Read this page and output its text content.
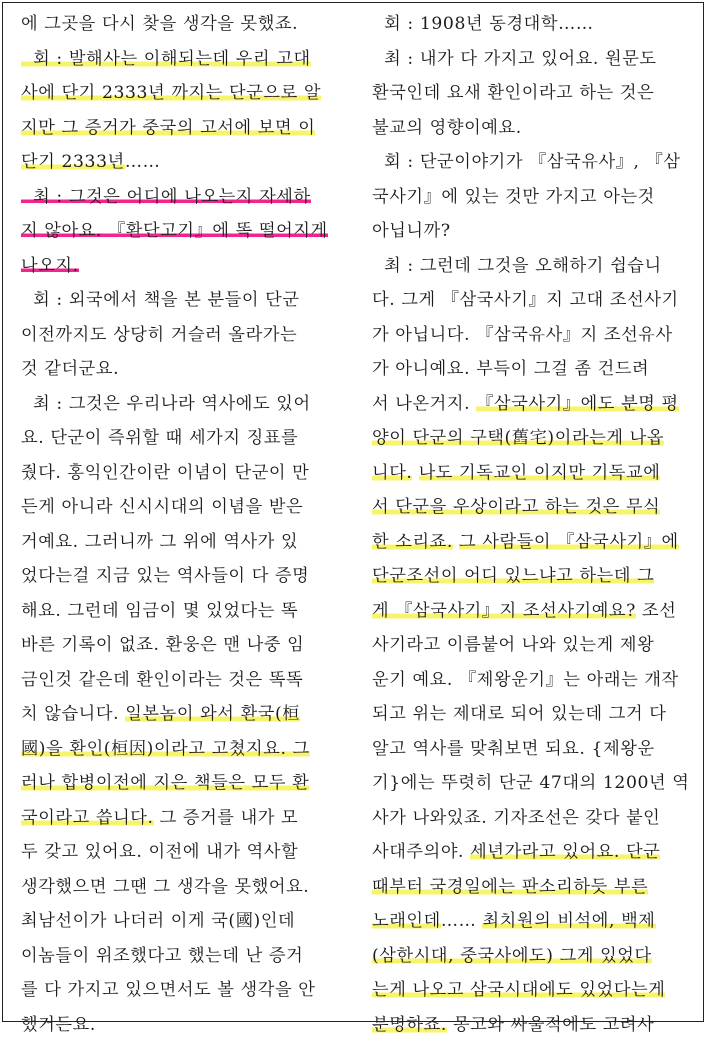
에 그곳을 다시 찾을 생각을 못했죠.
회 : 발해사는 이해되는데 우리 고대
사에 단기 2333년 까지는 단군으로 알
지만 그 증거가 중국의 고서에 보면 이
단기 2333년……
최 : 그것은 어디에 나오는지 자세하
지 않아요. 『환단고기』에 똑 떨어지게
나오지.
회 : 외국에서 책을 본 분들이 단군
이전까지도 상당히 거슬러 올라가는
것 같더군요.
최 : 그것은 우리나라 역사에도 있어
요. 단군이 즉위할 때 세가지 징표를
줬다. 홍익인간이란 이념이 단군이 만
든게 아니라 신시시대의 이념을 받은
거예요. 그러니까 그 위에 역사가 있
었다는걸 지금 있는 역사들이 다 증명
해요. 그런데 임금이 몇 있었다는 똑
바른 기록이 없죠. 환웅은 맨 나중 임
금인것 같은데 환인이라는 것은 똑똑
치 않습니다. 일본놈이 와서 환국(桓
國)을 환인(桓因)이라고 고쳤지요. 그
러나 합병이전에 지은 책들은 모두 환
국이라고 씁니다. 그 증거를 내가 모
두 갖고 있어요. 이전에 내가 역사할
생각했으면 그땐 그 생각을 못했어요.
최남선이가 나더러 이게 국(國)인데
이놈들이 위조했다고 했는데 난 증거
를 다 가지고 있으면서도 볼 생각을 안
했거든요.
회 : 1908년 동경대학……
최 : 내가 다 가지고 있어요. 원문도
환국인데 요새 환인이라고 하는 것은
불교의 영향이예요.
회 : 단군이야기가 『삼국유사』, 『삼
국사기』에 있는 것만 가지고 아는것
아닙니까?
최 : 그런데 그것을 오해하기 쉽습니
다. 그게 『삼국사기』지 고대 조선사기
가 아닙니다. 『삼국유사』지 조선유사
가 아니예요. 부득이 그걸 좀 건드려
서 나온거지. 『삼국사기』에도 분명 평
양이 단군의 구택(舊宅)이라는게 나옵
니다. 나도 기독교인 이지만 기독교에
서 단군을 우상이라고 하는 것은 무식
한 소리죠. 그 사람들이 『삼국사기』에
단군조선이 어디 있느냐고 하는데 그
게 『삼국사기』지 조선사기예요? 조선
사기라고 이름붙어 나와 있는게 제왕
운기 예요. 『제왕운기』는 아래는 개작
되고 위는 제대로 되어 있는데 그거 다
알고 역사를 맞춰보면 되요. {제왕운
기}에는 뚜렷히 단군 47대의 1200년 역
사가 나와있죠. 기자조선은 갖다 붙인
사대주의야. 세년가라고 있어요. 단군
때부터 국경일에는 판소리하듯 부른
노래인데…… 최치원의 비석에, 백제
(삼한시대, 중국사에도) 그게 있었다
는게 나오고 삼국시대에도 있었다는게
분명하죠. 몽고와 싸울적에도 고려사
